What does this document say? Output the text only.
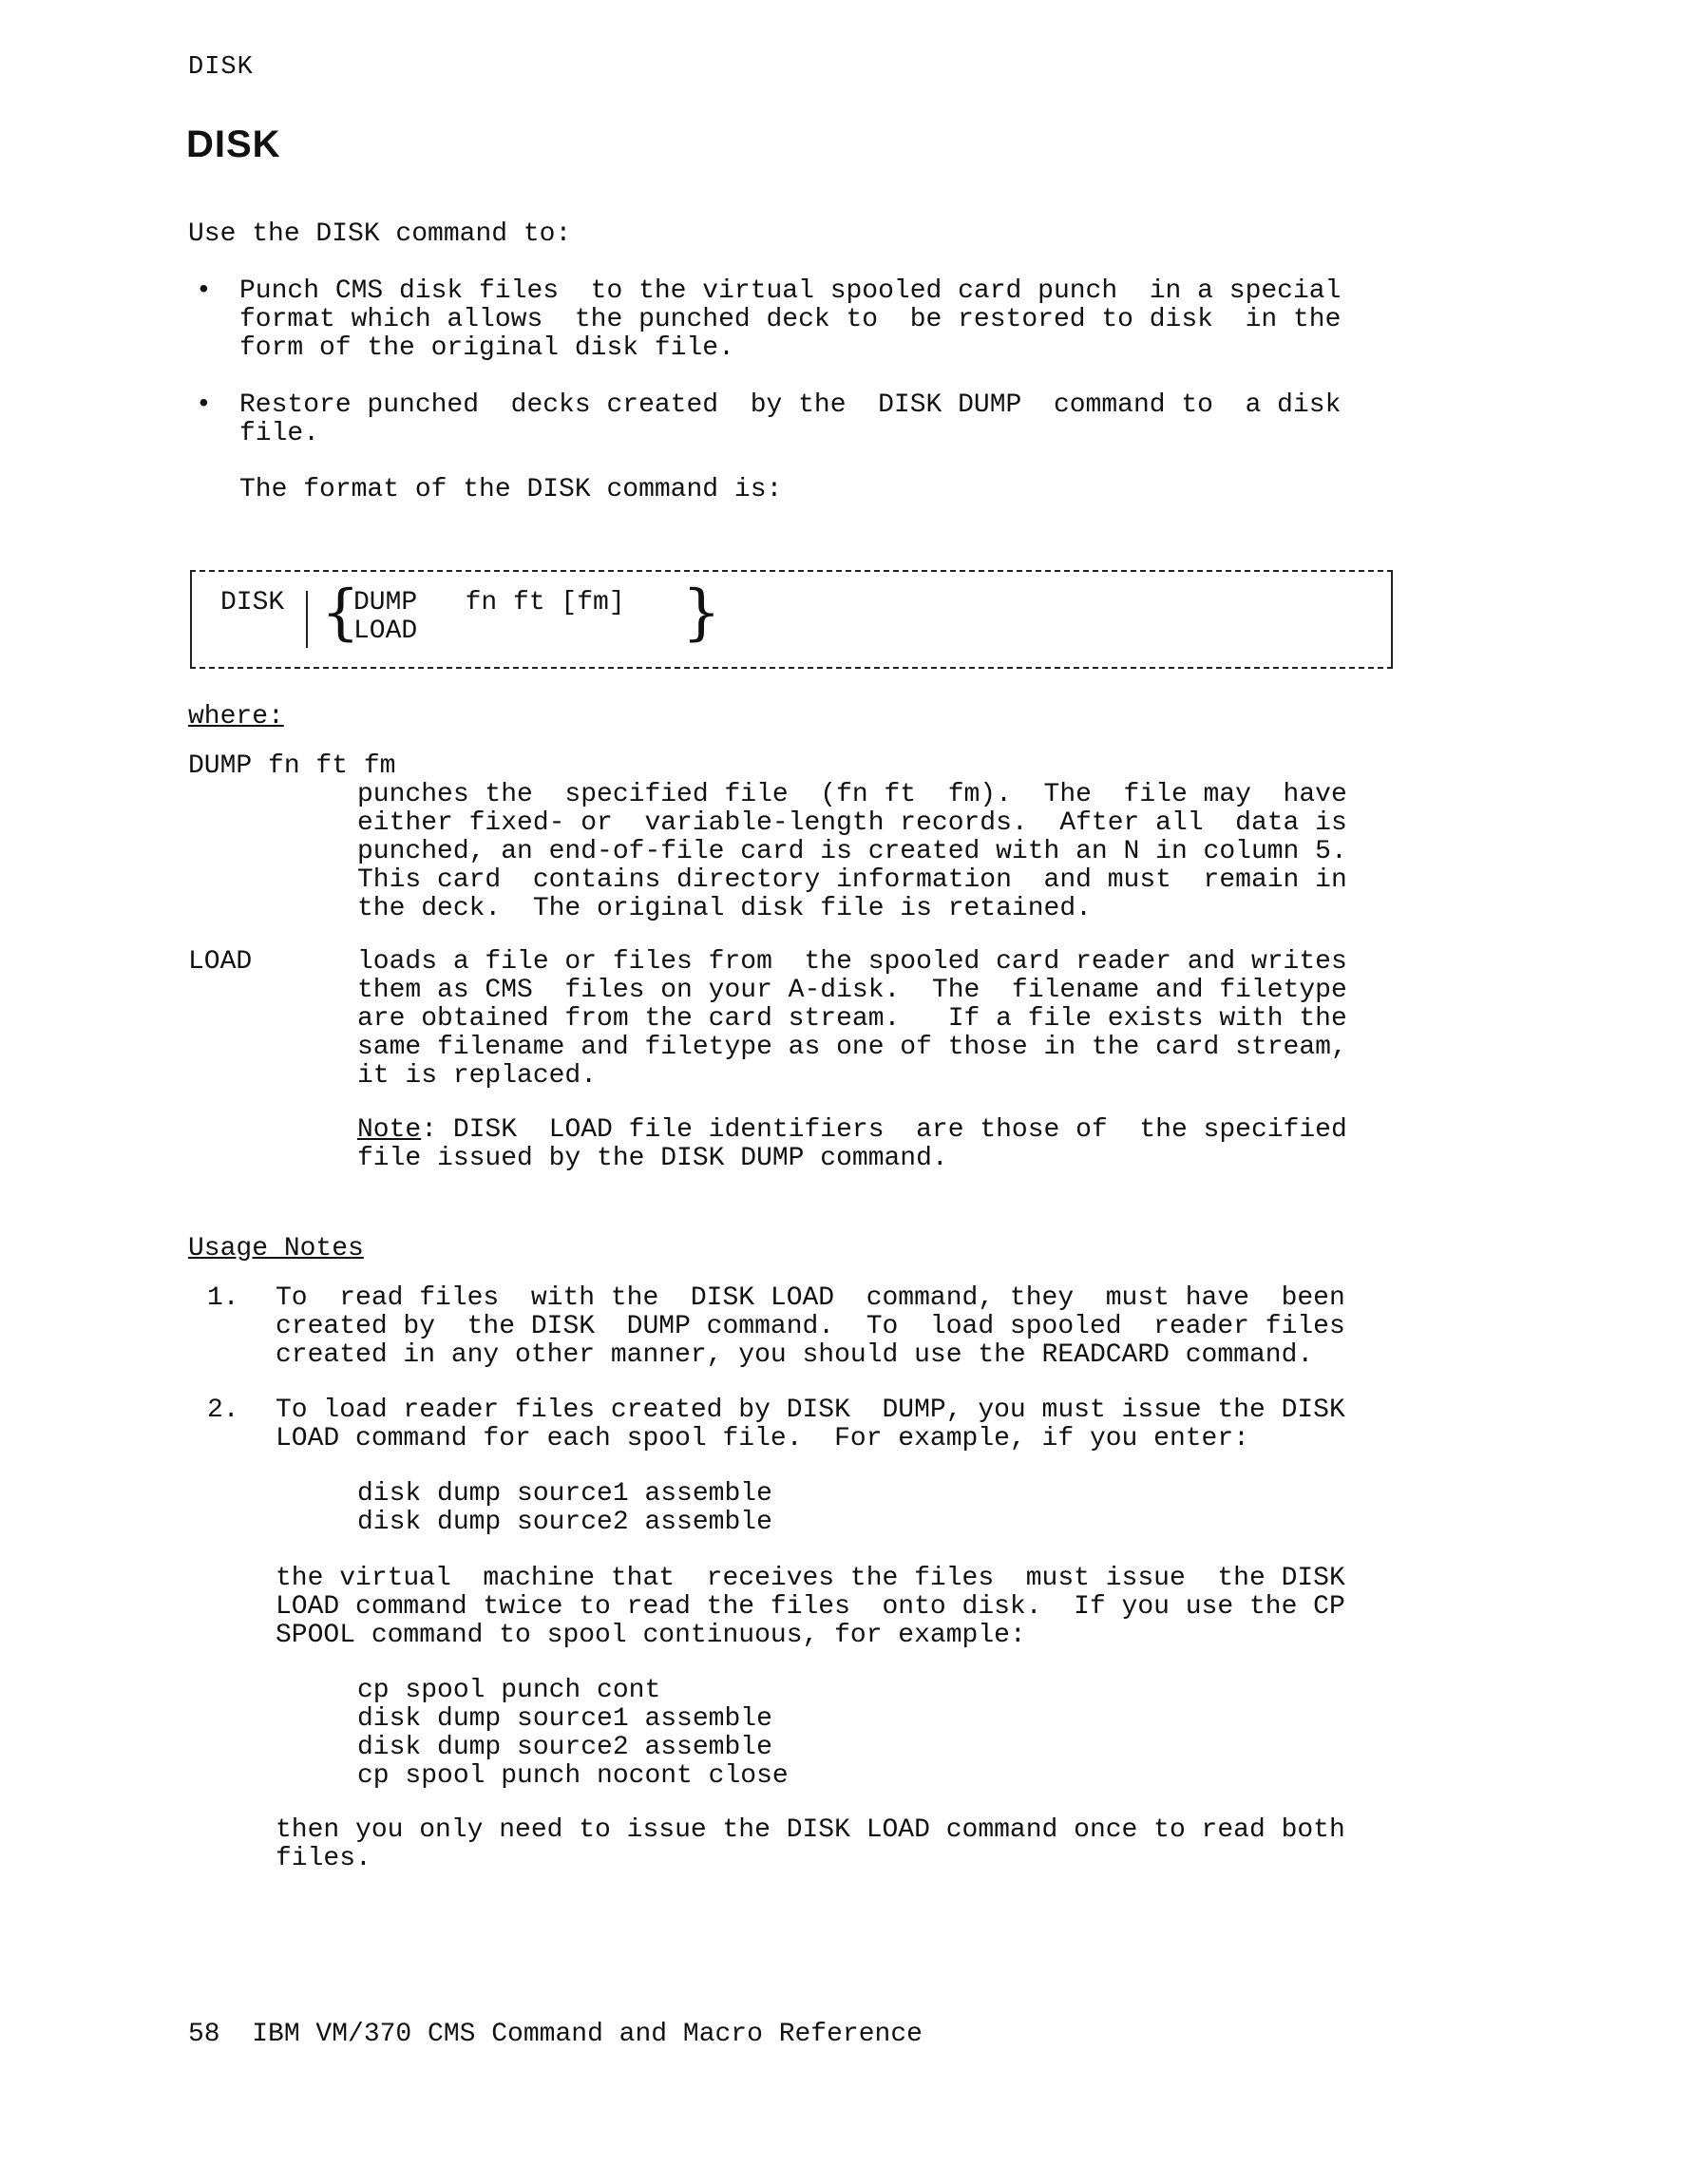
DISK
DISK
Use the DISK command to:
• Punch CMS disk files  to the virtual spooled card punch  in a special
format which allows  the punched deck to  be restored to disk  in the
form of the original disk file.
• Restore punched  decks created  by the  DISK DUMP  command to  a disk
file.
The format of the DISK command is:
DISK {
DUMP   fn ft [fm]
LOAD	}
where:
DUMP fn ft fm
punches the  specified file  (fn ft  fm).  The  file may  have
either fixed- or  variable-length records.  After all  data is
punched, an end-of-file card is created with an N in column 5.
This card  contains directory information  and must  remain in
the deck.  The original disk file is retained.
LOAD	loads a file or files from  the spooled card reader and writes
them as CMS  files on your A-disk.  The  filename and filetype
are obtained from the card stream.   If a file exists with the
same filename and filetype as one of those in the card stream,
it is replaced.
Note: DISK  LOAD file identifiers  are those of  the specified
file issued by the DISK DUMP command.
Usage Notes
1. To  read files  with the  DISK LOAD  command, they  must have  been
created by  the DISK  DUMP command.  To  load spooled  reader files
created in any other manner, you should use the READCARD command.
2. To load reader files created by DISK  DUMP, you must issue the DISK
LOAD command for each spool file.  For example, if you enter:
disk dump source1 assemble
disk dump source2 assemble
the virtual  machine that  receives the files  must issue  the DISK
LOAD command twice to read the files  onto disk.  If you use the CP
SPOOL command to spool continuous, for example:
cp spool punch cont
disk dump source1 assemble
disk dump source2 assemble
cp spool punch nocont close
then you only need to issue the DISK LOAD command once to read both
files.
58  IBM VM/370 CMS Command and Macro Reference
